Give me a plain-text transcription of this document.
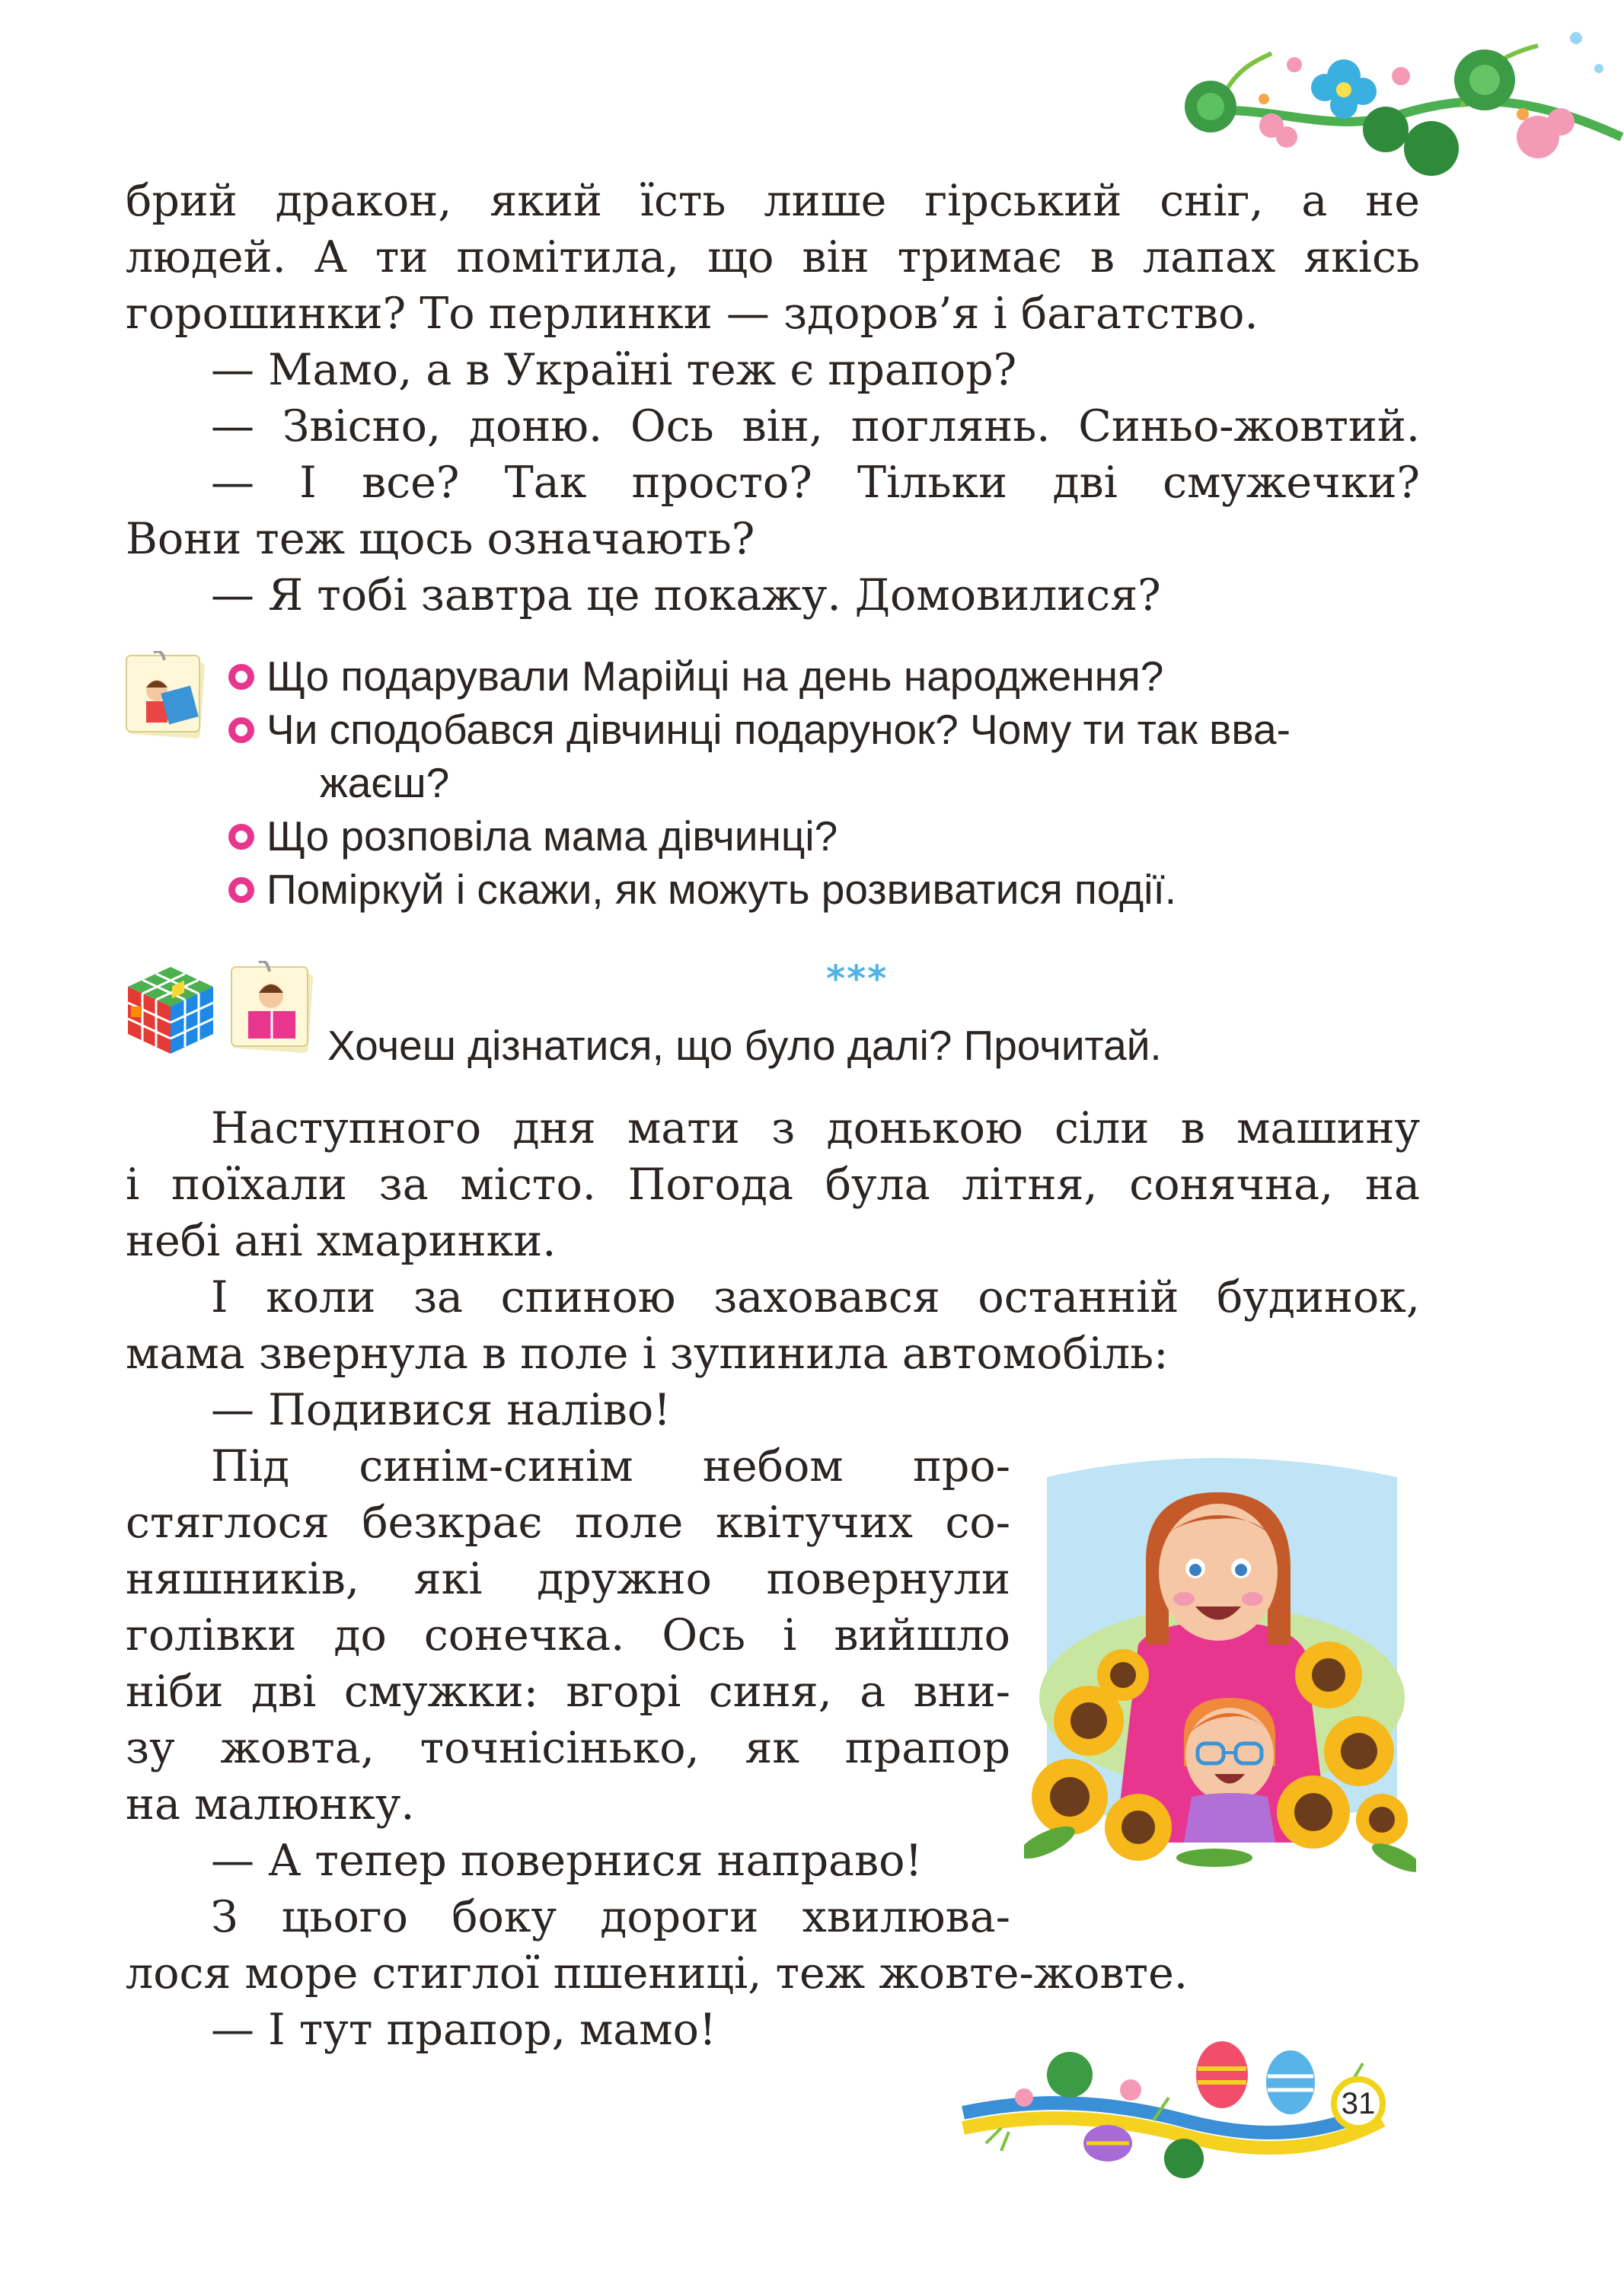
брий дракон, який їсть лише гірський сніг, а не
людей. А ти помітила, що він тримає в лапах якісь
горошинки? То перлинки — здоров’я і багатство.
— Мамо, а в Україні теж є прапор?
— Звісно, доню. Ось він, поглянь. Синьо-жовтий.
— І все? Так просто? Тільки дві смужечки?
Вони теж щось означають?
— Я тобі завтра це покажу. Домовилися?
Що подарували Марійці на день народження?
Чи сподобався дівчинці подарунок? Чому ти так вва-
жаєш?
Що розповіла мама дівчинці?
Поміркуй і скажи, як можуть розвиватися події.
***
Хочеш дізнатися, що було далі? Прочитай.
Наступного дня мати з донькою сіли в машину
і поїхали за місто. Погода була літня, сонячна, на
небі ані хмаринки.
І коли за спиною заховався останній будинок,
мама звернула в поле і зупинила автомобіль:
— Подивися наліво!
Під синім-синім небом про-
стяглося безкрає поле квітучих со-
няшників, які дружно повернули
голівки до сонечка. Ось і вийшло
ніби дві смужки: вгорі синя, а вни-
зу жовта, точнісінько, як прапор
на малюнку.
— А тепер повернися направо!
З цього боку дороги хвилюва-
лося море стиглої пшениці, теж жовте-жовте.
— І тут прапор, мамо!
31
